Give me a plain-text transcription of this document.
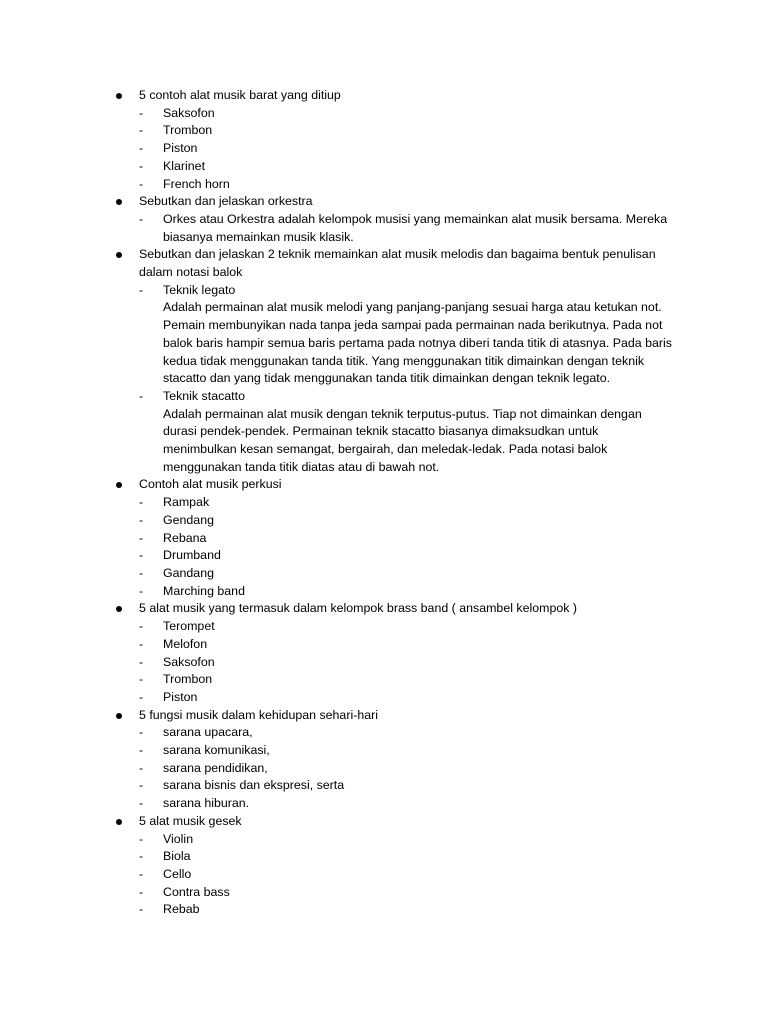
5 contoh alat musik barat yang ditiup
-	Saksofon
-	Trombon
-	Piston
-	Klarinet
-	French horn
Sebutkan dan jelaskan orkestra
-	Orkes atau Orkestra adalah kelompok musisi yang memainkan alat musik bersama. Mereka biasanya memainkan musik klasik.
Sebutkan dan jelaskan 2 teknik memainkan alat musik melodis dan bagaima bentuk penulisan dalam notasi balok
-	Teknik legato
Adalah permainan alat musik melodi yang panjang-panjang sesuai harga atau ketukan not. Pemain membunyikan nada tanpa jeda sampai pada permainan nada berikutnya. Pada not balok baris hampir semua baris pertama pada notnya diberi tanda titik di atasnya. Pada baris kedua tidak menggunakan tanda titik. Yang menggunakan titik dimainkan dengan teknik stacatto dan yang tidak menggunakan tanda titik dimainkan dengan teknik legato.
-	Teknik stacatto
Adalah permainan alat musik dengan teknik terputus-putus. Tiap not dimainkan dengan durasi pendek-pendek. Permainan teknik stacatto biasanya dimaksudkan untuk menimbulkan kesan semangat, bergairah, dan meledak-ledak. Pada notasi balok menggunakan tanda titik diatas atau di bawah not.
Contoh alat musik perkusi
-	Rampak
-	Gendang
-	Rebana
-	Drumband
-	Gandang
-	Marching band
5 alat musik yang termasuk dalam kelompok brass band ( ansambel kelompok )
-	Terompet
-	Melofon
-	Saksofon
-	Trombon
-	Piston
5 fungsi musik dalam kehidupan sehari-hari
-	sarana upacara,
-	sarana komunikasi,
-	sarana pendidikan,
-	sarana bisnis dan ekspresi, serta
-	sarana hiburan.
5 alat musik gesek
-	Violin
-	Biola
-	Cello
-	Contra bass
-	Rebab
